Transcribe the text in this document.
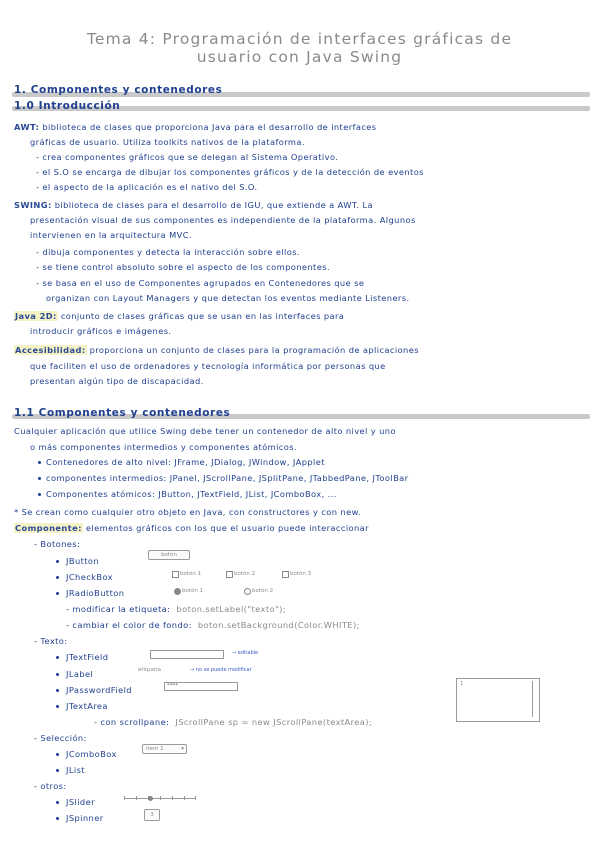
Tema 4: Programación de interfaces gráficas de
usuario con Java Swing
1. Componentes y contenedores
1.0 Introducción
AWT: biblioteca de clases que proporciona Java para el desarrollo de interfaces
gráficas de usuario. Utiliza toolkits nativos de la plataforma.
- crea componentes gráficos que se delegan al Sistema Operativo.
- el S.O se encarga de dibujar los componentes gráficos y de la detección de eventos
- el aspecto de la aplicación es el nativo del S.O.
SWING: biblioteca de clases para el desarrollo de IGU, que extiende a AWT. La
presentación visual de sus componentes es independiente de la plataforma. Algunos
intervienen en la arquitectura MVC.
- dibuja componentes y detecta la interacción sobre ellos.
- se tiene control absoluto sobre el aspecto de los componentes.
- se basa en el uso de Componentes agrupados en Contenedores que se
organizan con Layout Managers y que detectan los eventos mediante Listeners.
Java 2D: conjunto de clases gráficas que se usan en las interfaces para
introducir gráficos e imágenes.
Accesibilidad: proporciona un conjunto de clases para la programación de aplicaciones
que faciliten el uso de ordenadores y tecnología informática por personas que
presentan algún tipo de discapacidad.
1.1 Componentes y contenedores
Cualquier aplicación que utilice Swing debe tener un contenedor de alto nivel y uno
o más componentes intermedios y componentes atómicos.
Contenedores de alto nivel: JFrame, JDialog, JWindow, JApplet
componentes intermedios: JPanel, JScrollPane, JSplitPane, JTabbedPane, JToolBar
Componentes atómicos: JButton, JTextField, JList, JComboBox, ...
* Se crean como cualquier otro objeto en Java, con constructores y con new.
Componente: elementos gráficos con los que el usuario puede interaccionar
- Botones:
JButton
botón
JCheckBox	botón 1	botón 2	botón 3
JRadioButton	botón 1	botón 2
- modificar la etiqueta: boton.setLabel("texto");
- cambiar el color de fondo: boton.setBackground(Color.WHITE);
- Texto:
JTextField	→ editable
JLabel	etiqueta	→ no se puede modificar
JPasswordField	****
JTextArea
1
- con scrollpane: JScrollPane sp = new JScrollPane(textArea);
- Selección:
JComboBox	item 1	▾
JList
- otros:
JSlider
JSpinner	3
